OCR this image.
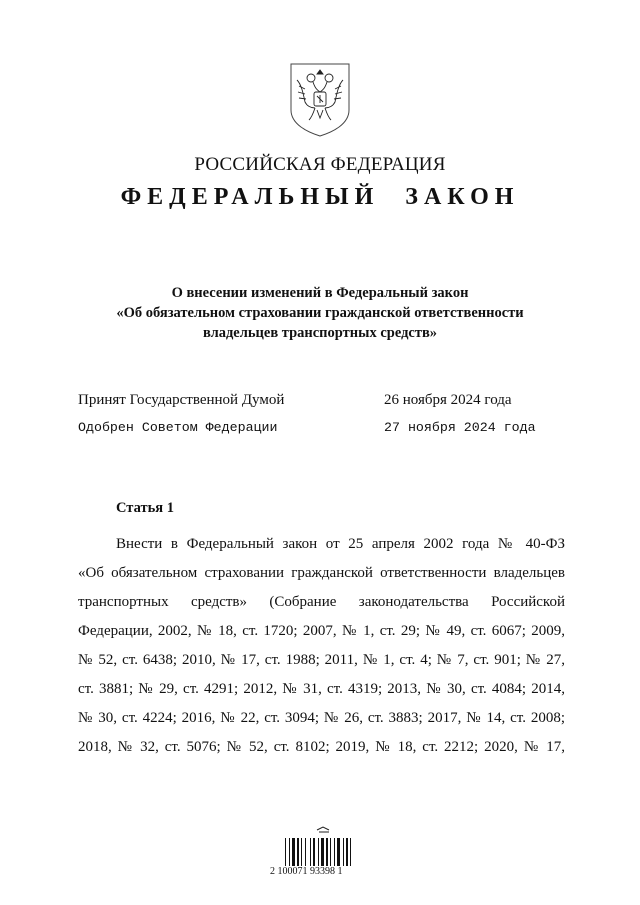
РОССИЙСКАЯ ФЕДЕРАЦИЯ
ФЕДЕРАЛЬНЫЙ ЗАКОН
О внесении изменений в Федеральный закон
«Об обязательном страховании гражданской ответственности
владельцев транспортных средств»
Принят Государственной Думой	26 ноября 2024 года
Одобрен Советом Федерации	27 ноября 2024 года
Статья 1
Внести в Федеральный закон от 25 апреля 2002 года № 40-ФЗ
«Об обязательном страховании гражданской ответственности владельцев
транспортных средств» (Собрание законодательства Российской
Федерации, 2002, № 18, ст. 1720; 2007, № 1, ст. 29; № 49, ст. 6067; 2009,
№ 52, ст. 6438; 2010, № 17, ст. 1988; 2011, № 1, ст. 4; № 7, ст. 901; № 27,
ст. 3881; № 29, ст. 4291; 2012, № 31, ст. 4319; 2013, № 30, ст. 4084; 2014,
№ 30, ст. 4224; 2016, № 22, ст. 3094; № 26, ст. 3883; 2017, № 14, ст. 2008;
2018, № 32, ст. 5076; № 52, ст. 8102; 2019, № 18, ст. 2212; 2020, № 17,
2 100071 93398 1
